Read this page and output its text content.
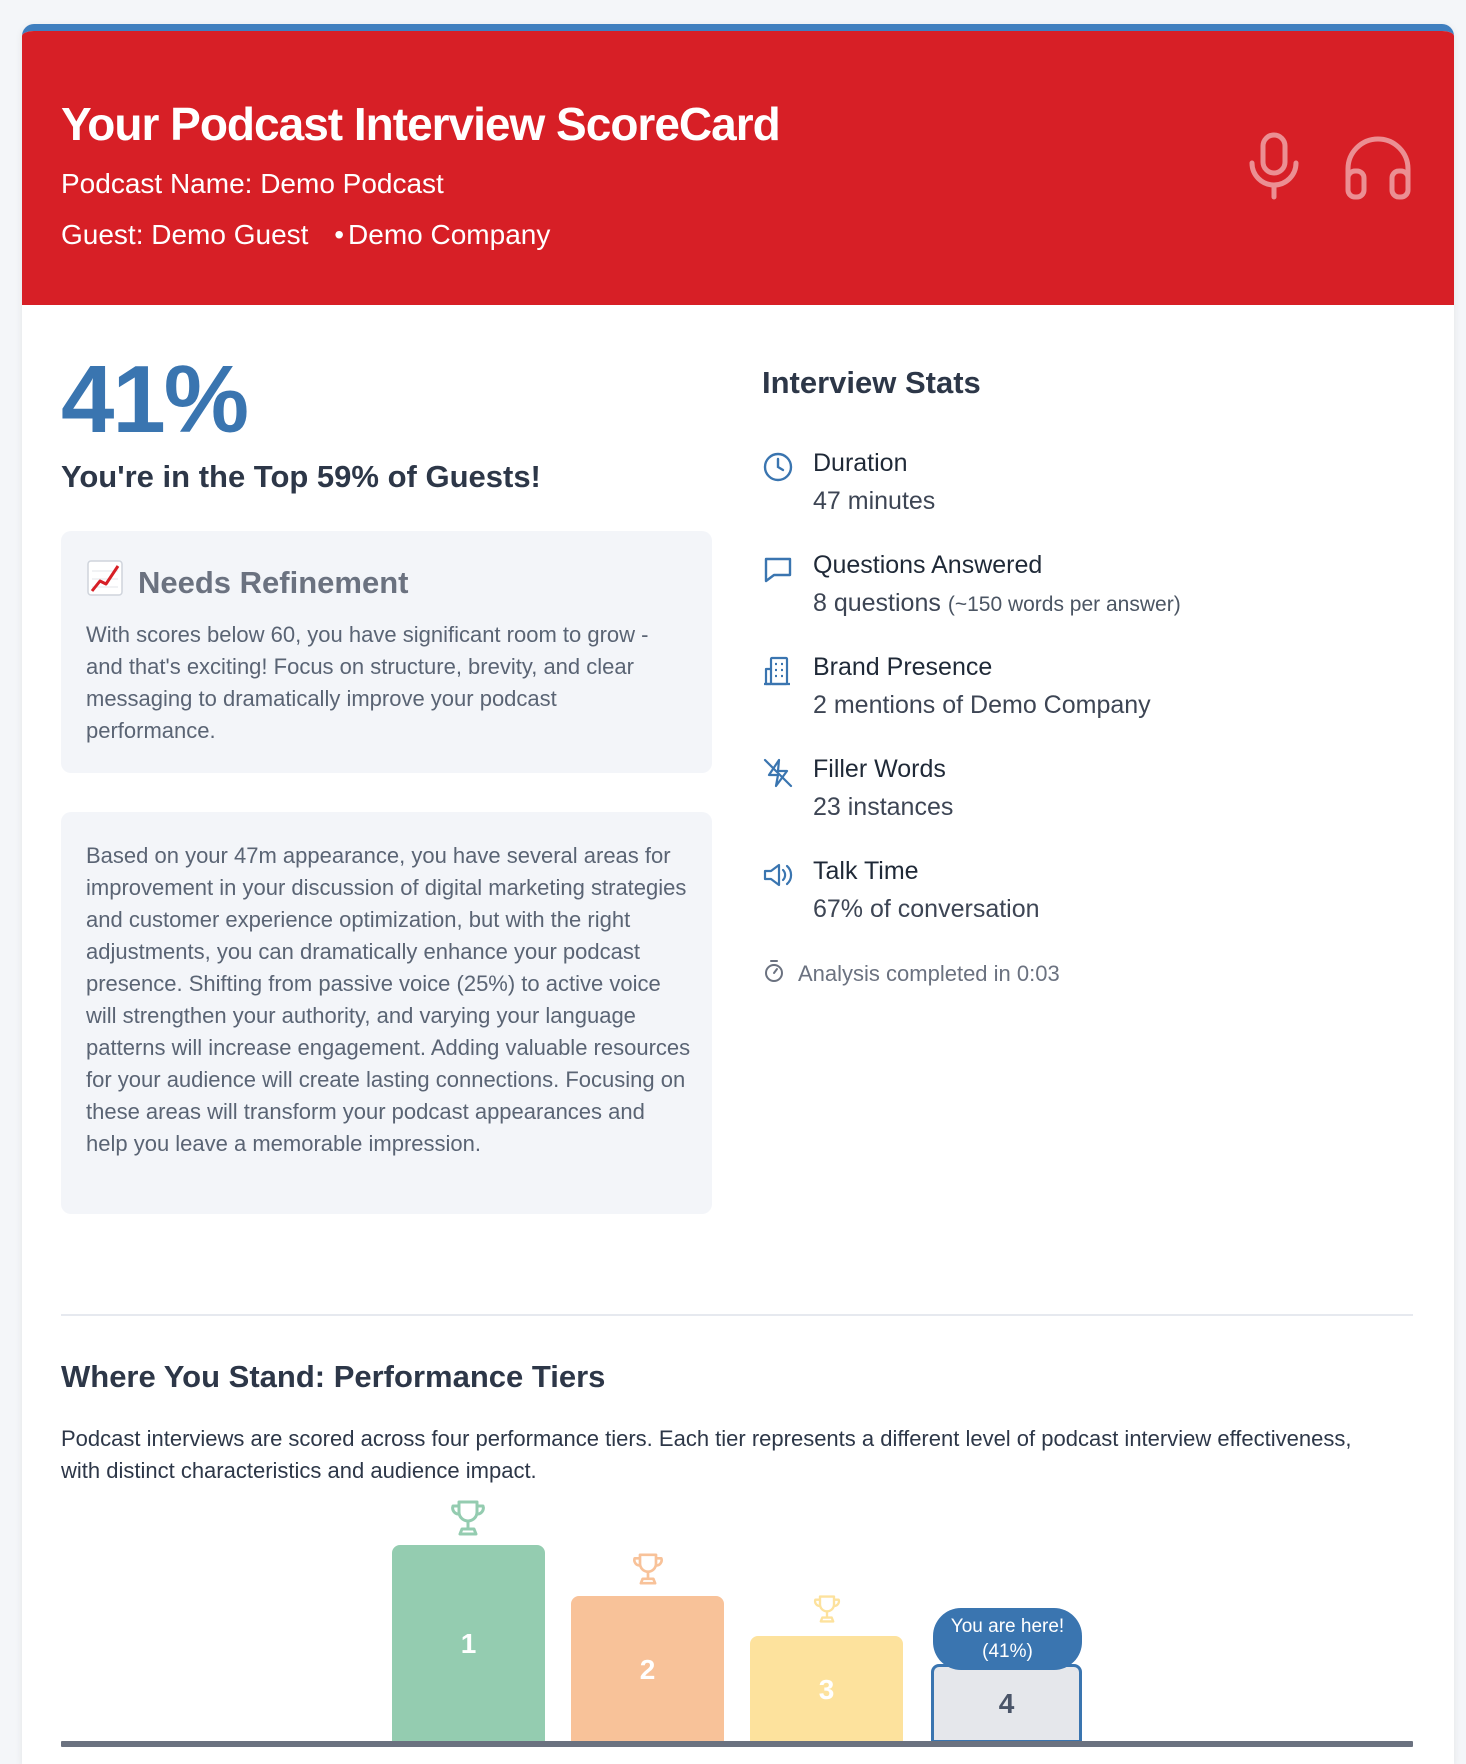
Your Podcast Interview ScoreCard
Podcast Name: Demo Podcast
Guest: Demo Guest • Demo Company
41%
You're in the Top 59% of Guests!
Needs Refinement
With scores below 60, you have significant room to grow - and that's exciting! Focus on structure, brevity, and clear messaging to dramatically improve your podcast performance.
Based on your 47m appearance, you have several areas for improvement in your discussion of digital marketing strategies and customer experience optimization, but with the right adjustments, you can dramatically enhance your podcast presence. Shifting from passive voice (25%) to active voice will strengthen your authority, and varying your language patterns will increase engagement. Adding valuable resources for your audience will create lasting connections. Focusing on these areas will transform your podcast appearances and help you leave a memorable impression.
Interview Stats
Duration
47 minutes
Questions Answered
8 questions (~150 words per answer)
Brand Presence
2 mentions of Demo Company
Filler Words
23 instances
Talk Time
67% of conversation
Analysis completed in 0:03
Where You Stand: Performance Tiers
Podcast interviews are scored across four performance tiers. Each tier represents a different level of podcast interview effectiveness, with distinct characteristics and audience impact.
1
2
3	4
You are here!
(41%)
